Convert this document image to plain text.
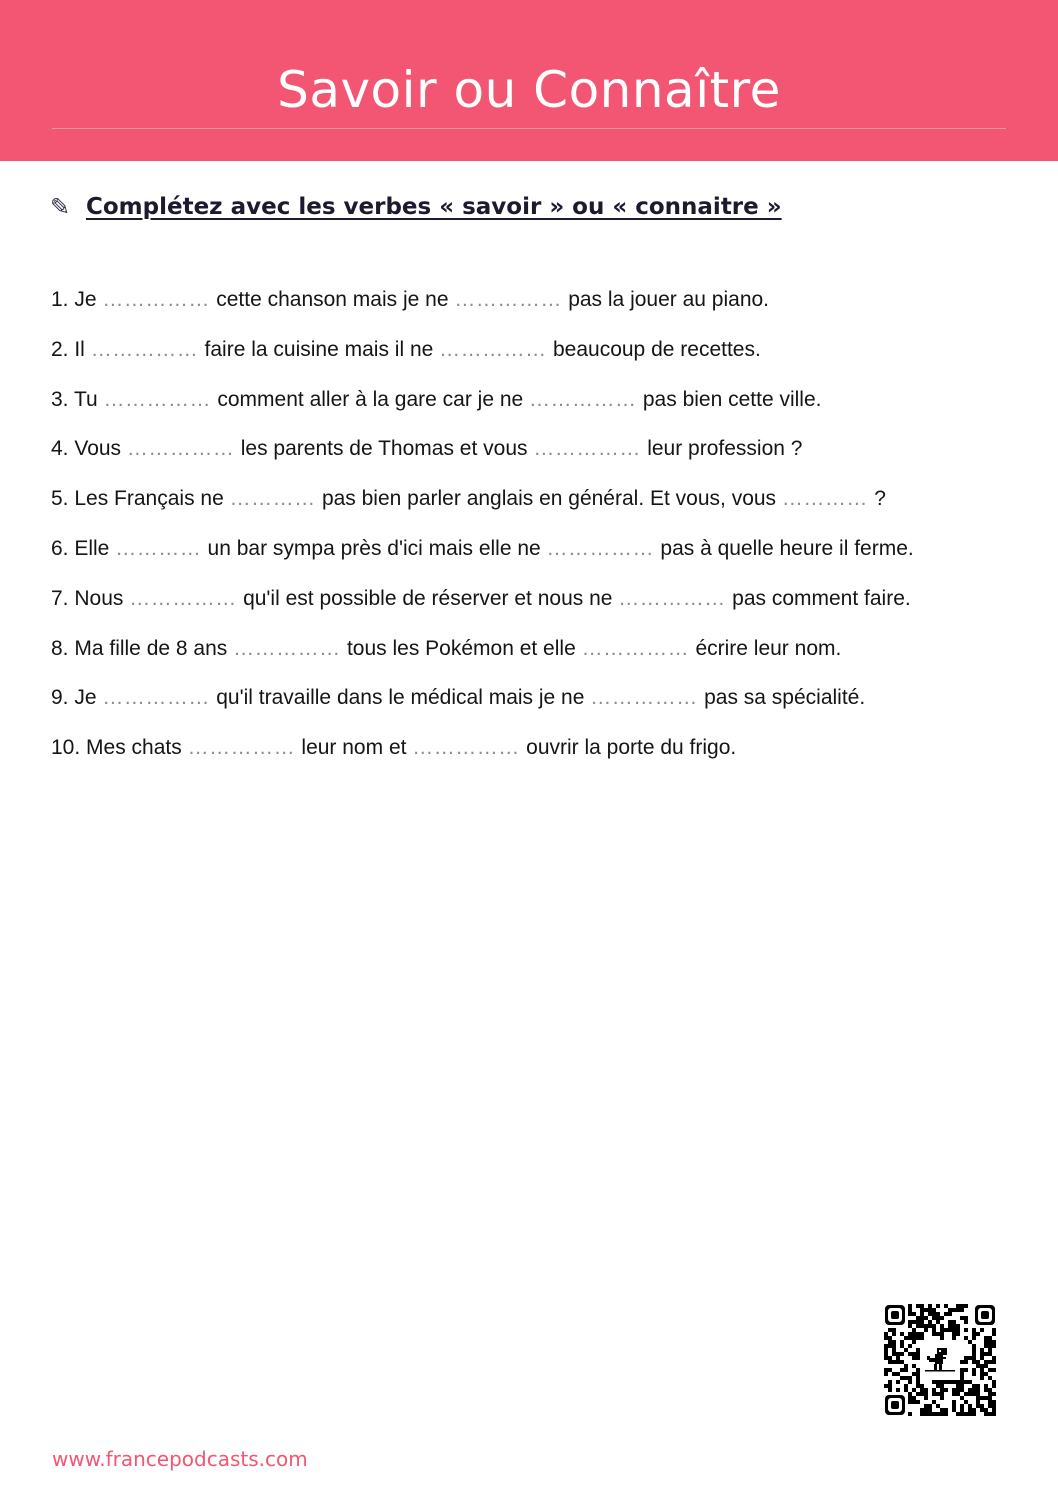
Savoir ou Connaître
✎ Complétez avec les verbes « savoir » ou « connaitre »
1. Je …………… cette chanson mais je ne …………… pas la jouer au piano.
2. Il …………… faire la cuisine mais il ne …………… beaucoup de recettes.
3. Tu …………… comment aller à la gare car je ne …………… pas bien cette ville.
4. Vous …………… les parents de Thomas et vous …………… leur profession ?
5. Les Français ne ………… pas bien parler anglais en général. Et vous, vous ………… ?
6. Elle ………… un bar sympa près d'ici mais elle ne …………… pas à quelle heure il ferme.
7. Nous …………… qu'il est possible de réserver et nous ne …………… pas comment faire.
8. Ma fille de 8 ans …………… tous les Pokémon et elle …………… écrire leur nom.
9. Je …………… qu'il travaille dans le médical mais je ne …………… pas sa spécialité.
10. Mes chats …………… leur nom et …………… ouvrir la porte du frigo.
www.francepodcasts.com
